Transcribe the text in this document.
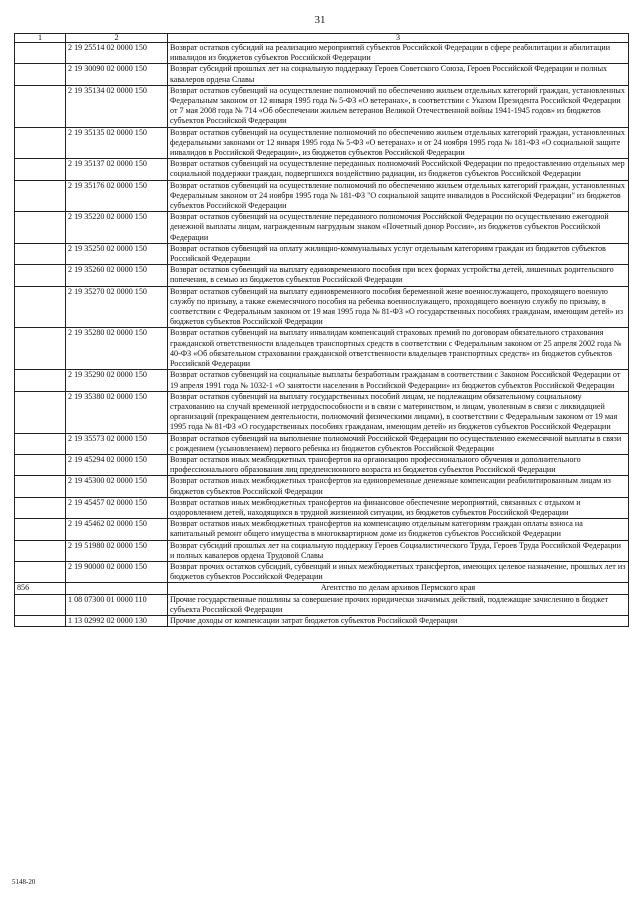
31
1	2	3
	2 19 25514 02 0000 150	Возврат остатков субсидий на реализацию мероприятий субъектов Российской Федерации в сфере реабилитации и абилитации инвалидов из бюджетов субъектов Российской Федерации
	2 19 30090 02 0000 150	Возврат субсидий прошлых лет на социальную поддержку Героев Советского Союза, Героев Российской Федерации и полных кавалеров ордена Славы
	2 19 35134 02 0000 150	Возврат остатков субвенций на осуществление полномочий по обеспечению жильем отдельных категорий граждан, установленных Федеральным законом от 12 января 1995 года № 5-ФЗ «О ветеранах», в соответствии с Указом Президента Российской Федерации от 7 мая 2008 года № 714 «Об обеспечении жильем ветеранов Великой Отечественной войны 1941-1945 годов» из бюджетов субъектов Российской Федерации
	2 19 35135 02 0000 150	Возврат остатков субвенций на осуществление полномочий по обеспечению жильем отдельных категорий граждан, установленных федеральными законами от 12 января 1995 года № 5-ФЗ «О ветеранах» и от 24 ноября 1995 года № 181-ФЗ «О социальной защите инвалидов в Российской Федерации», из бюджетов субъектов Российской Федерации
	2 19 35137 02 0000 150	Возврат остатков субвенций на осуществление переданных полномочий Российской Федерации по предоставлению отдельных мер социальной поддержки граждан, подвергшихся воздействию радиации, из бюджетов субъектов Российской Федерации
	2 19 35176 02 0000 150	Возврат остатков субвенций на осуществление полномочий по обеспечению жильем отдельных категорий граждан, установленных Федеральным законом от 24 ноября 1995 года № 181-ФЗ "О социальной защите инвалидов в Российской Федерации" из бюджетов субъектов Российской Федерации
	2 19 35220 02 0000 150	Возврат остатков субвенций на осуществление переданного полномочия Российской Федерации по осуществлению ежегодной денежной выплаты лицам, награжденным нагрудным знаком «Почетный донор России», из бюджетов субъектов Российской Федерации
	2 19 35250 02 0000 150	Возврат остатков субвенций на оплату жилищно-коммунальных услуг отдельным категориям граждан из бюджетов субъектов Российской Федерации
	2 19 35260 02 0000 150	Возврат остатков субвенций на выплату единовременного пособия при всех формах устройства детей, лишенных родительского попечения, в семью из бюджетов субъектов Российской Федерации
	2 19 35270 02 0000 150	Возврат остатков субвенций на выплату единовременного пособия беременной жене военнослужащего, проходящего военную службу по призыву, а также ежемесячного пособия на ребенка военнослужащего, проходящего военную службу по призыву, в соответствии с Федеральным законом от 19 мая 1995 года № 81-ФЗ «О государственных пособиях гражданам, имеющим детей» из бюджетов субъектов Российской Федерации
	2 19 35280 02 0000 150	Возврат остатков субвенций на выплату инвалидам компенсаций страховых премий по договорам обязательного страхования гражданской ответственности владельцев транспортных средств в соответствии с Федеральным законом от 25 апреля 2002 года № 40-ФЗ «Об обязательном страховании гражданской ответственности владельцев транспортных средств» из бюджетов субъектов Российской Федерации
	2 19 35290 02 0000 150	Возврат остатков субвенций на социальные выплаты безработным гражданам в соответствии с Законом Российской Федерации от 19 апреля 1991 года № 1032-1 «О занятости населения в Российской Федерации» из бюджетов субъектов Российской Федерации
	2 19 35380 02 0000 150	Возврат остатков субвенций на выплату государственных пособий лицам, не подлежащим обязательному социальному страхованию на случай временной нетрудоспособности и в связи с материнством, и лицам, уволенным в связи с ликвидацией организаций (прекращением деятельности, полномочий физическими лицами), в соответствии с Федеральным законом от 19 мая 1995 года № 81-ФЗ «О государственных пособиях гражданам, имеющим детей» из бюджетов субъектов Российской Федерации
	2 19 35573 02 0000 150	Возврат остатков субвенций на выполнение полномочий Российской Федерации по осуществлению ежемесячной выплаты в связи с рождением (усыновлением) первого ребенка из бюджетов субъектов Российской Федерации
	2 19 45294 02 0000 150	Возврат остатков иных межбюджетных трансфертов на организацию профессионального обучения и дополнительного профессионального образования лиц предпенсионного возраста из бюджетов субъектов Российской Федерации
	2 19 45300 02 0000 150	Возврат остатков иных межбюджетных трансфертов на единовременные денежные компенсации реабилитированным лицам из бюджетов субъектов Российской Федерации
	2 19 45457 02 0000 150	Возврат остатков иных межбюджетных трансфертов на финансовое обеспечение мероприятий, связанных с отдыхом и оздоровлением детей, находящихся в трудной жизненной ситуации, из бюджетов субъектов Российской Федерации
	2 19 45462 02 0000 150	Возврат остатков иных межбюджетных трансфертов на компенсацию отдельным категориям граждан оплаты взноса на капитальный ремонт общего имущества в многоквартирном доме из бюджетов субъектов Российской Федерации
	2 19 51980 02 0000 150	Возврат субсидий прошлых лет на социальную поддержку Героев Социалистического Труда, Героев Труда Российской Федерации и полных кавалеров ордена Трудовой Славы
	2 19 90000 02 0000 150	Возврат прочих остатков субсидий, субвенций и иных межбюджетных трансфертов, имеющих целевое назначение, прошлых лет из бюджетов субъектов Российской Федерации
856		Агентство по делам архивов Пермского края
	1 08 07300 01 0000 110	Прочие государственные пошлины за совершение прочих юридически значимых действий, подлежащие зачислению в бюджет субъекта Российской Федерации
	1 13 02992 02 0000 130	Прочие доходы от компенсации затрат бюджетов субъектов Российской Федерации
5148-20
